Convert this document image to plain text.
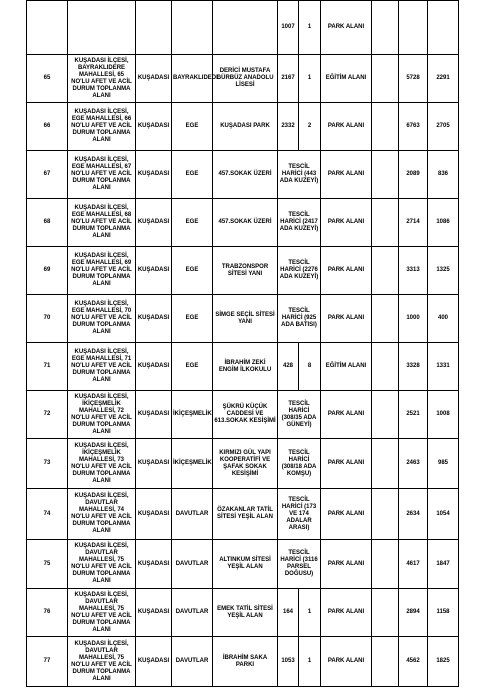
					1007	1	PARK ALANI			
65	KUŞADASI İLÇESİ, BAYRAKLIDERE MAHALLESİ, 65 NO'LU AFET VE ACİL DURUM TOPLANMA ALANI	KUŞADASI	BAYRAKLIDEDE	DERİCİ MUSTAFA GÜRBÜZ ANADOLU LİSESİ	2167	1	EĞİTİM ALANI		5728	2291
66	KUŞADASI İLÇESİ, EGE MAHALLESİ, 66 NO'LU AFET VE ACİL DURUM TOPLANMA ALANI	KUŞADASI	EGE	KUŞADASI PARK	2332	2	PARK ALANI		6763	2705
67	KUŞADASI İLÇESİ, EGE MAHALLESİ, 67 NO'LU AFET VE ACİL DURUM TOPLANMA ALANI	KUŞADASI	EGE	457.SOKAK ÜZERİ	TESCİL HARİCİ (443 ADA KUZEYİ)		PARK ALANI		2089	836
68	KUŞADASI İLÇESİ, EGE MAHALLESİ, 68 NO'LU AFET VE ACİL DURUM TOPLANMA ALANI	KUŞADASI	EGE	457.SOKAK ÜZERİ	TESCİL HARİCİ (2417 ADA KUZEYİ)		PARK ALANI		2714	1086
69	KUŞADASI İLÇESİ, EGE MAHALLESİ, 69 NO'LU AFET VE ACİL DURUM TOPLANMA ALANI	KUŞADASI	EGE	TRABZONSPOR SİTESİ YANI	TESCİL HARİCİ (2276 ADA KUZEYİ)		PARK ALANI		3313	1325
70	KUŞADASI İLÇESİ, EGE MAHALLESİ, 70 NO'LU AFET VE ACİL DURUM TOPLANMA ALANI	KUŞADASI	EGE	SİMGE SEÇİL SİTESİ YANI	TESCİL HARİCİ (925 ADA BATISI)		PARK ALANI		1000	400
71	KUŞADASI İLÇESİ, EGE MAHALLESİ, 71 NO'LU AFET VE ACİL DURUM TOPLANMA ALANI	KUŞADASI	EGE	İBRAHİM ZEKİ ENGİM İLKOKULU	428	8	EĞİTİM ALANI		3328	1331
72	KUŞADASI İLÇESİ, İKİÇEŞMELİK MAHALLESİ, 72 NO'LU AFET VE ACİL DURUM TOPLANMA ALANI	KUŞADASI	İKİÇEŞMELİK	ŞÜKRÜ KÜÇÜK CADDESİ VE 613.SOKAK KESİŞİMİ	TESCİL HARİCİ (308/35 ADA GÜNEYİ)		PARK ALANI		2521	1008
73	KUŞADASI İLÇESİ, İKİÇEŞMELİK MAHALLESİ, 73 NO'LU AFET VE ACİL DURUM TOPLANMA ALANI	KUŞADASI	İKİÇEŞMELİK	KIRMIZI GÜL YAPI KOOPERATİFİ VE ŞAFAK SOKAK KESİŞİMİ	TESCİL HARİCİ (308/18 ADA KOMŞU)		PARK ALANI		2463	985
74	KUŞADASI İLÇESİ, DAVUTLAR MAHALLESİ, 74 NO'LU AFET VE ACİL DURUM TOPLANMA ALANI	KUŞADASI	DAVUTLAR	ÖZAKANLAR TATİL SİTESİ YEŞİL ALAN	TESCİL HARİCİ (173 VE 174 ADALAR ARASI)		PARK ALANI		2634	1054
75	KUŞADASI İLÇESİ, DAVUTLAR MAHALLESİ, 75 NO'LU AFET VE ACİL DURUM TOPLANMA ALANI	KUŞADASI	DAVUTLAR	ALTINKUM SİTESİ YEŞİL ALAN	TESCİL HARİCİ (3116 PARSEL DOĞUSU)		PARK ALANI		4617	1847
76	KUŞADASI İLÇESİ, DAVUTLAR MAHALLESİ, 75 NO'LU AFET VE ACİL DURUM TOPLANMA ALANI	KUŞADASI	DAVUTLAR	EMEK TATİL SİTESİ YEŞİL ALAN	164	1	PARK ALANI		2894	1158
77	KUŞADASI İLÇESİ, DAVUTLAR MAHALLESİ, 75 NO'LU AFET VE ACİL DURUM TOPLANMA ALANI	KUŞADASI	DAVUTLAR	İBRAHİM SAKA PARKI	1053	1	PARK ALANI		4562	1825
